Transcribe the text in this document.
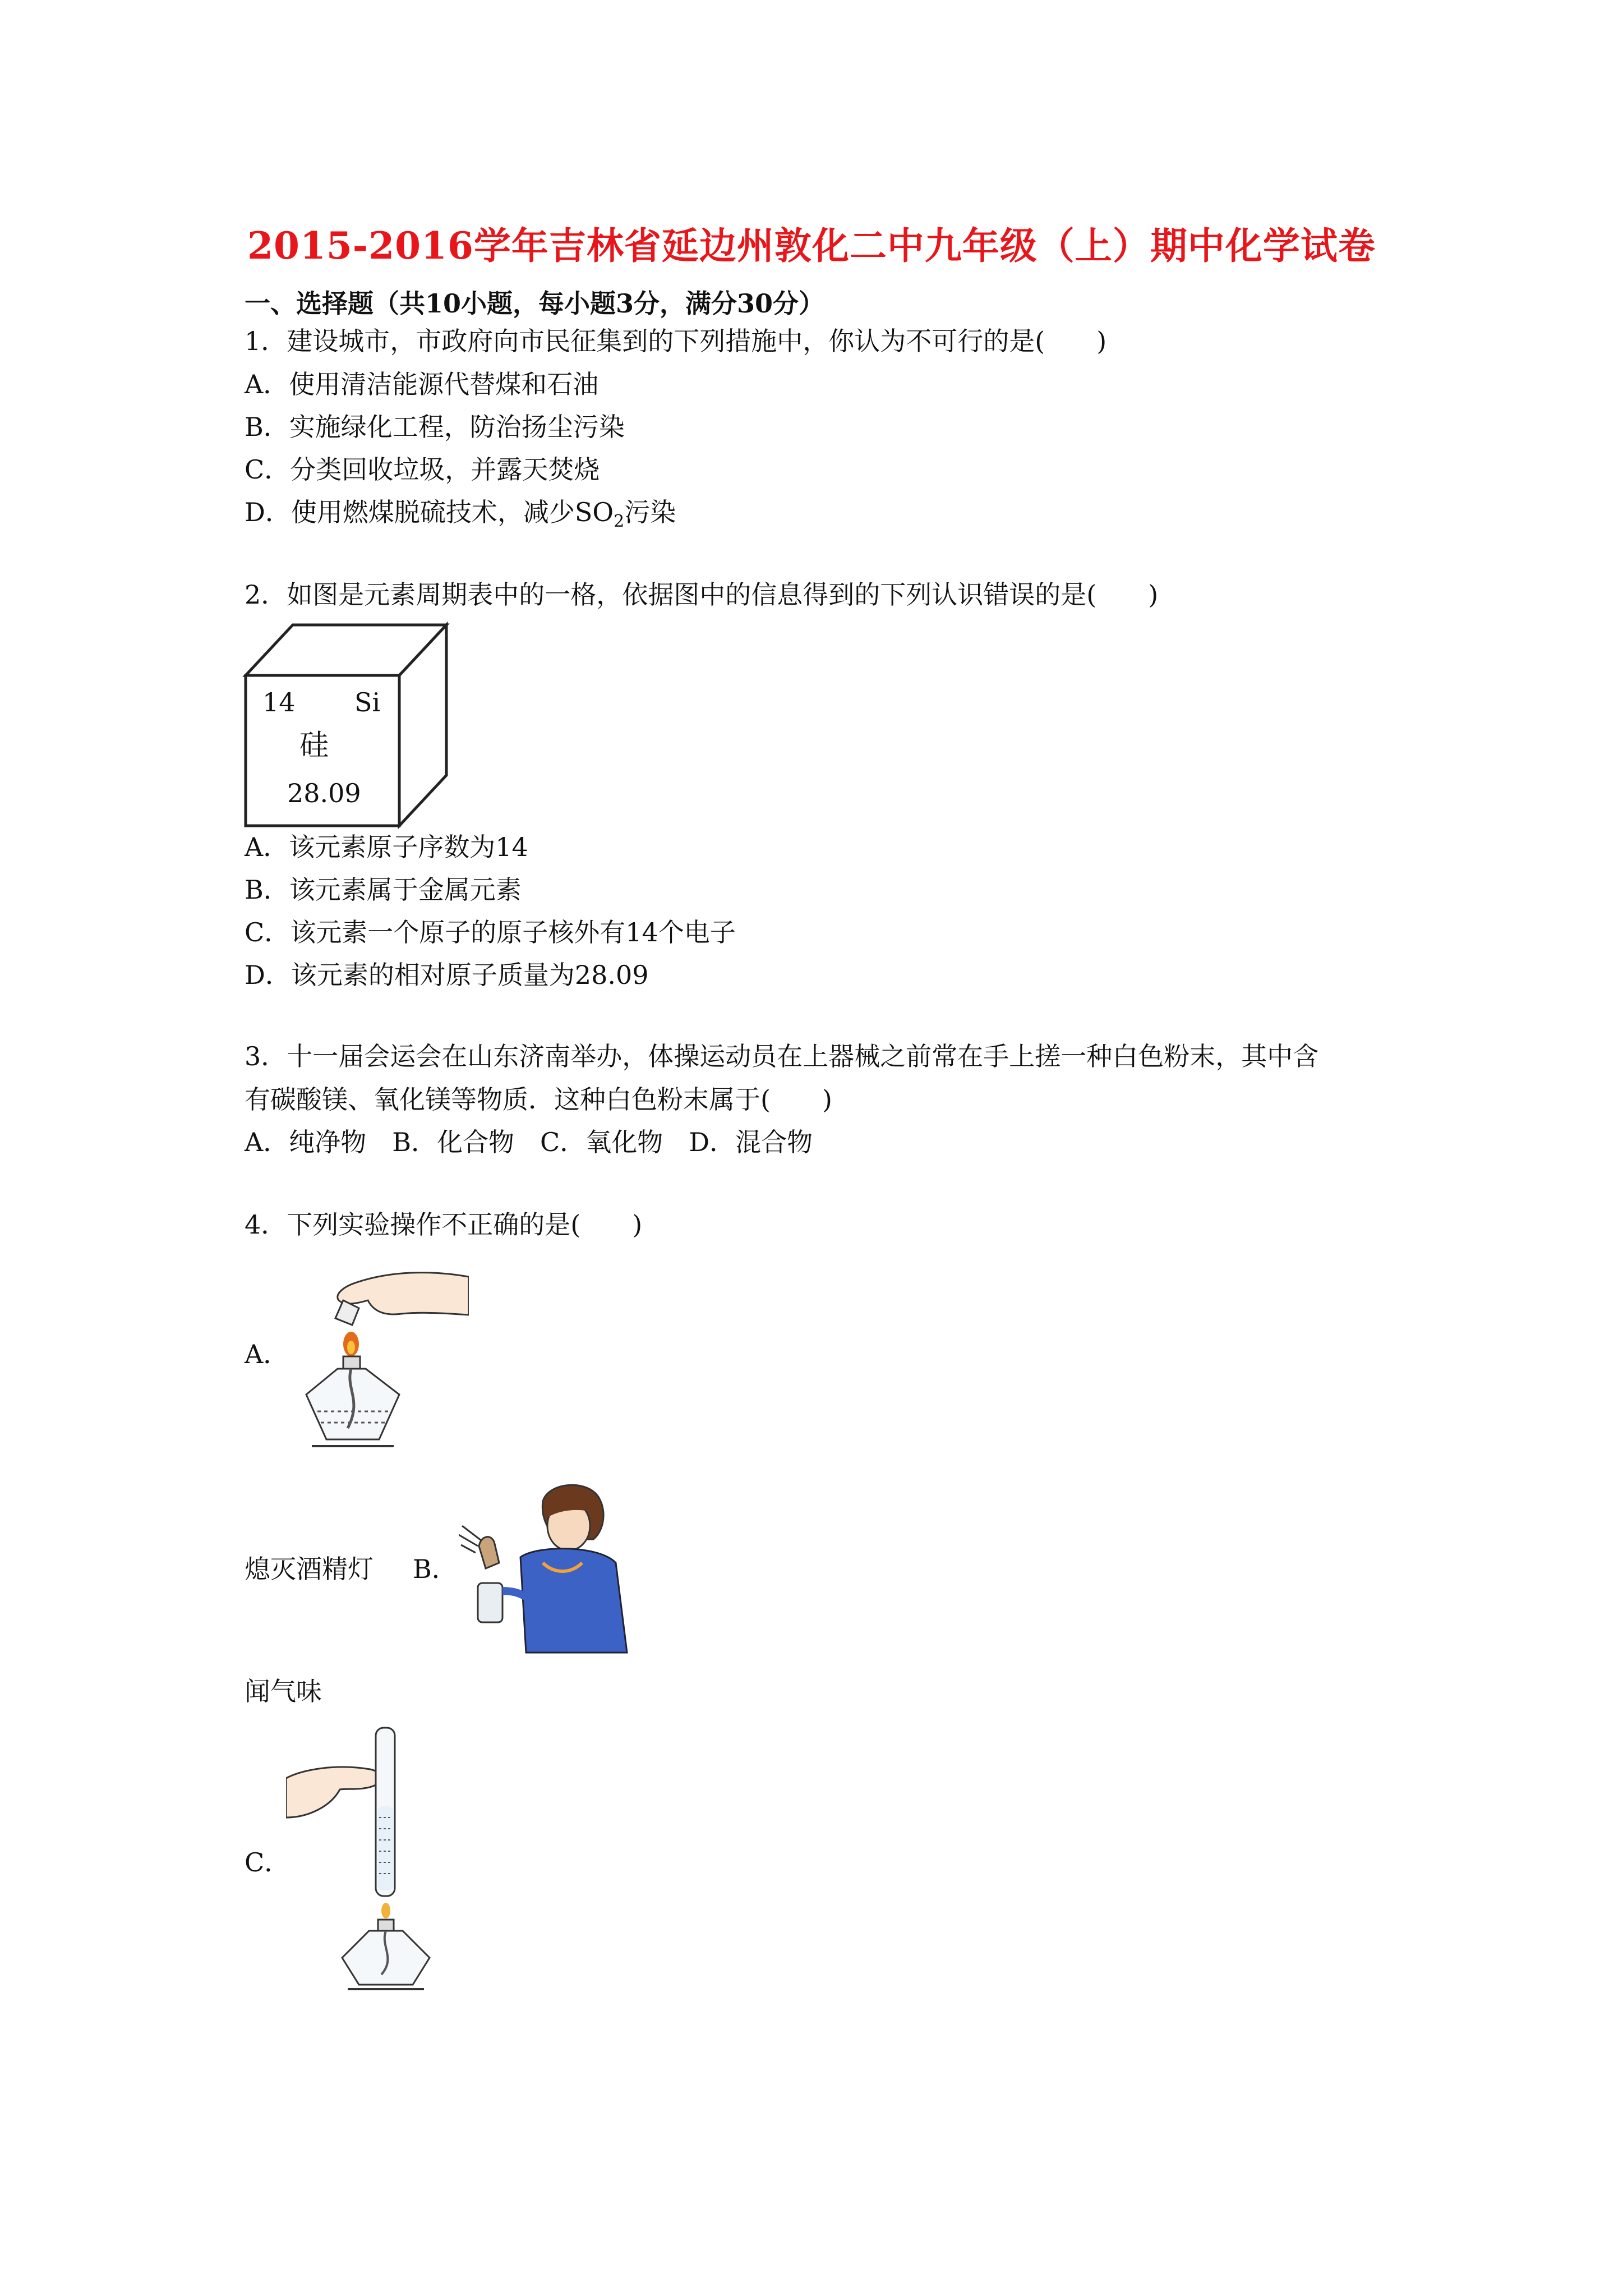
2015-2016学年吉林省延边州敦化二中九年级（上）期中化学试卷
一、选择题（共10小题，每小题3分，满分30分）
1．建设城市，市政府向市民征集到的下列措施中，你认为不可行的是(　　)
A．使用清洁能源代替煤和石油
B．实施绿化工程，防治扬尘污染
C．分类回收垃圾，并露天焚烧
D．使用燃煤脱硫技术，减少$SO_2$污染
2．如图是元素周期表中的一格，依据图中的信息得到的下列认识错误的是(　　)
14 Si
硅
28.09
A．该元素原子序数为14
B．该元素属于金属元素
C．该元素一个原子的原子核外有14个电子
D．该元素的相对原子质量为28.09
3．十一届会运会在山东济南举办，体操运动员在上器械之前常在手上搓一种白色粉末，其中含
有碳酸镁、氧化镁等物质．这种白色粉末属于(　　)
A．纯净物　B．化合物　C．氧化物　D．混合物
4．下列实验操作不正确的是(　　)
A．
熄灭酒精灯 B．
闻气味
C．
